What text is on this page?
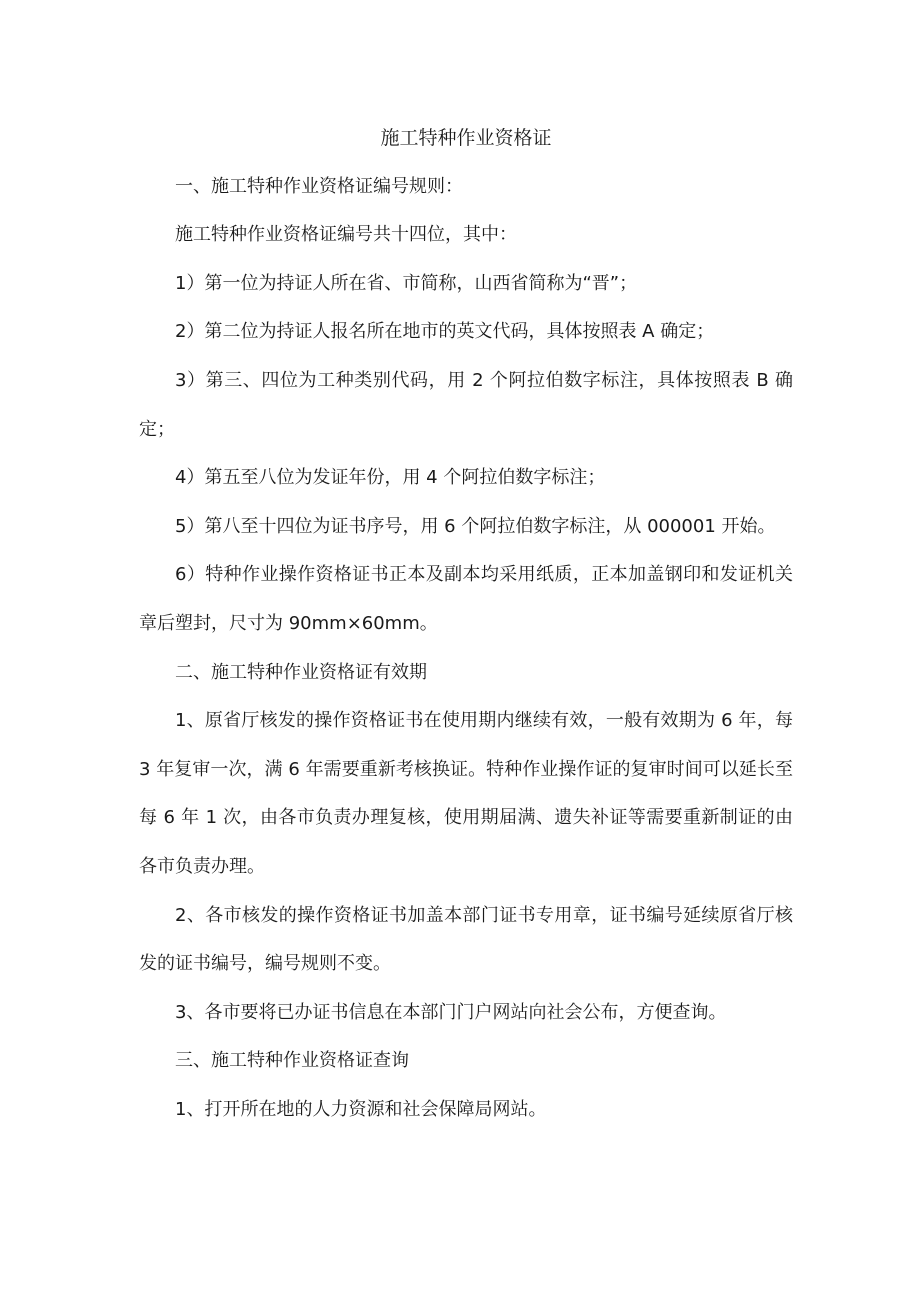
施工特种作业资格证

一、施工特种作业资格证编号规则：

施工特种作业资格证编号共十四位，其中：

1）第一位为持证人所在省、市简称，山西省简称为“晋”；

2）第二位为持证人报名所在地市的英文代码，具体按照表 A 确定；

3）第三、四位为工种类别代码，用 2 个阿拉伯数字标注，具体按照表 B 确定；

4）第五至八位为发证年份，用 4 个阿拉伯数字标注；

5）第八至十四位为证书序号，用 6 个阿拉伯数字标注，从 000001 开始。

6）特种作业操作资格证书正本及副本均采用纸质，正本加盖钢印和发证机关章后塑封，尺寸为 90mm×60mm。

二、施工特种作业资格证有效期

1、原省厅核发的操作资格证书在使用期内继续有效，一般有效期为 6 年，每 3 年复审一次，满 6 年需要重新考核换证。特种作业操作证的复审时间可以延长至每 6 年 1 次，由各市负责办理复核，使用期届满、遗失补证等需要重新制证的由各市负责办理。

2、各市核发的操作资格证书加盖本部门证书专用章，证书编号延续原省厅核发的证书编号，编号规则不变。

3、各市要将已办证书信息在本部门门户网站向社会公布，方便查询。

三、施工特种作业资格证查询

1、打开所在地的人力资源和社会保障局网站。
